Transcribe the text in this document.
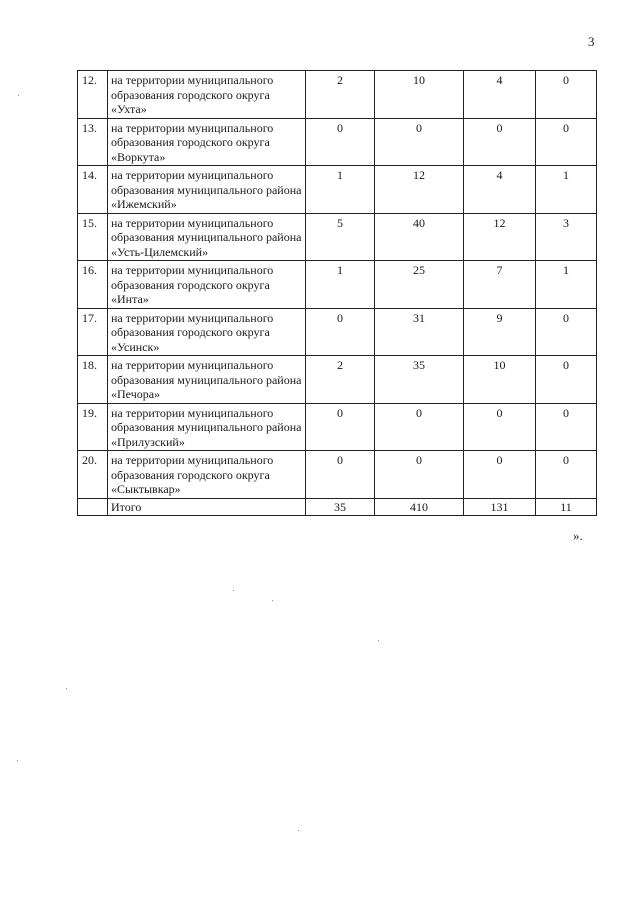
3
12.	на территории муниципального образования городского округа «Ухта»	2	10	4	0
13.	на территории муниципального образования городского округа «Воркута»	0	0	0	0
14.	на территории муниципального образования муниципального района «Ижемский»	1	12	4	1
15.	на территории муниципального образования муниципального района «Усть-Цилемский»	5	40	12	3
16.	на территории муниципального образования городского округа «Инта»	1	25	7	1
17.	на территории муниципального образования городского округа «Усинск»	0	31	9	0
18.	на территории муниципального образования муниципального района «Печора»	2	35	10	0
19.	на территории муниципального образования муниципального района «Прилузский»	0	0	0	0
20.	на территории муниципального образования городского округа «Сыктывкар»	0	0	0	0
	Итого	35	410	131	11
».
